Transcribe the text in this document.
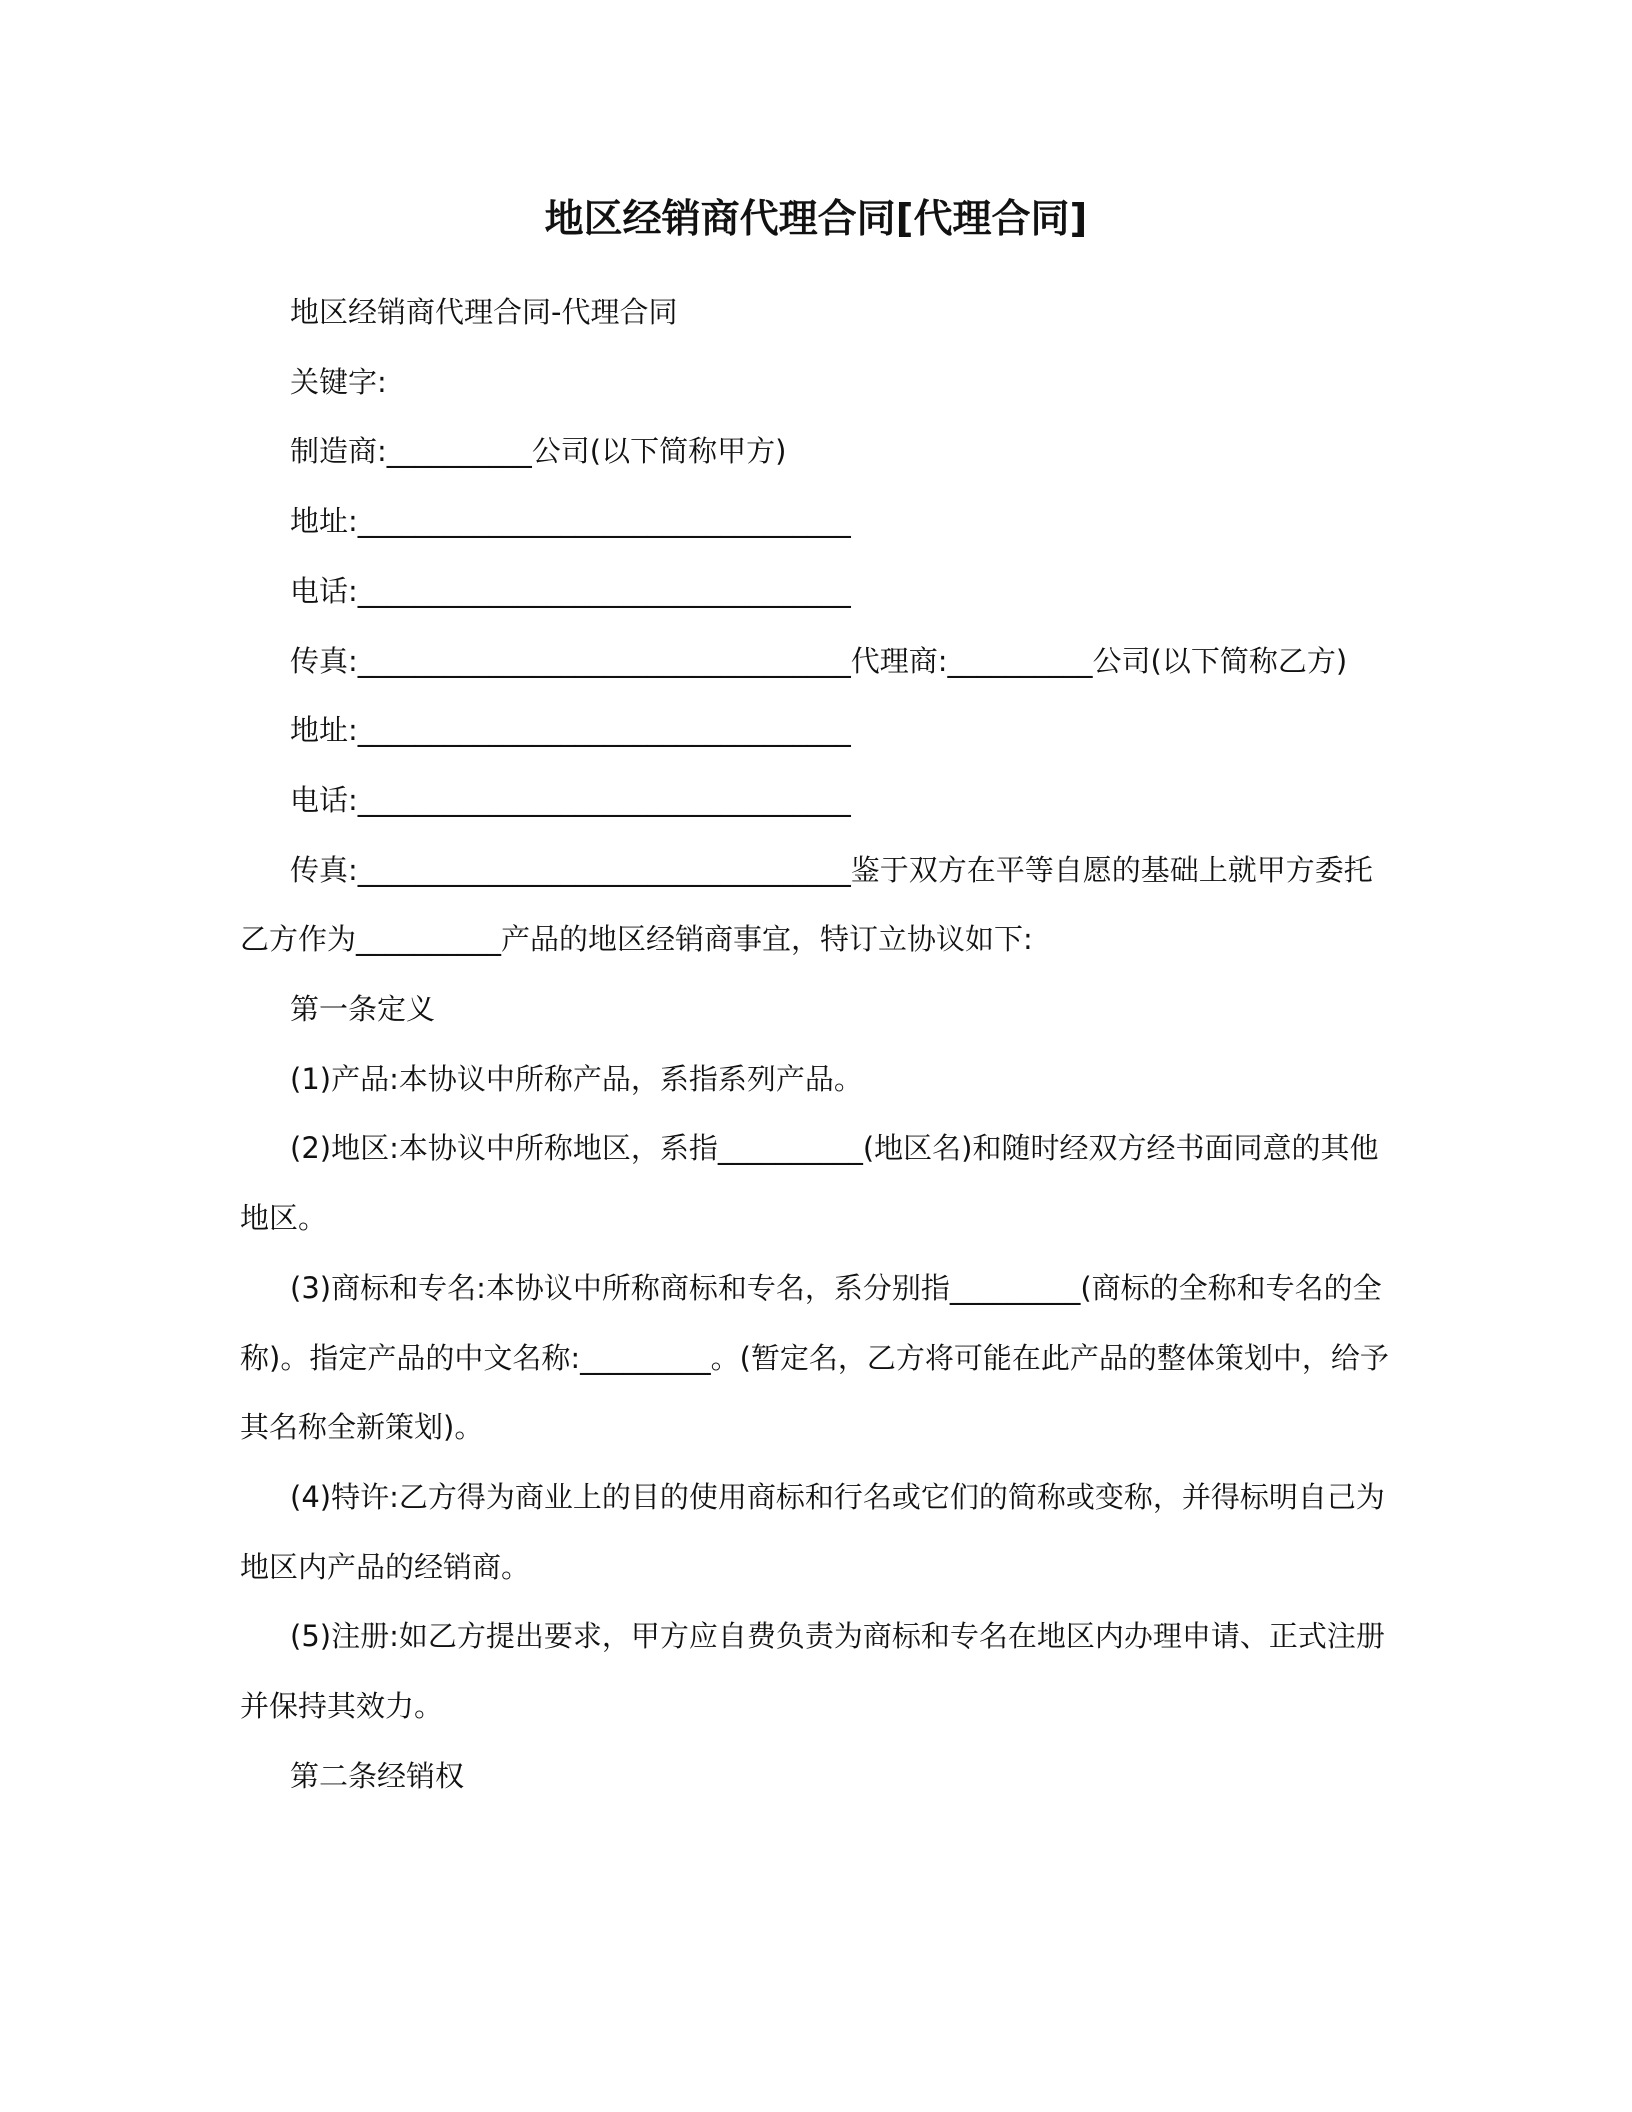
地区经销商代理合同[代理合同]

地区经销商代理合同-代理合同

关键字:

制造商:__________公司(以下简称甲方)

地址:__________________________________

电话:__________________________________

传真:__________________________________代理商:__________公司(以下简称乙方)

地址:__________________________________

电话:__________________________________

传真:__________________________________鉴于双方在平等自愿的基础上就甲方委托乙方作为__________产品的地区经销商事宜，特订立协议如下:

第一条定义

(1)产品:本协议中所称产品，系指系列产品。

(2)地区:本协议中所称地区，系指__________(地区名)和随时经双方经书面同意的其他地区。

(3)商标和专名:本协议中所称商标和专名，系分别指_________(商标的全称和专名的全称)。指定产品的中文名称:_________。(暂定名，乙方将可能在此产品的整体策划中，给予其名称全新策划)。

(4)特许:乙方得为商业上的目的使用商标和行名或它们的简称或变称，并得标明自己为地区内产品的经销商。

(5)注册:如乙方提出要求，甲方应自费负责为商标和专名在地区内办理申请、正式注册并保持其效力。

第二条经销权
